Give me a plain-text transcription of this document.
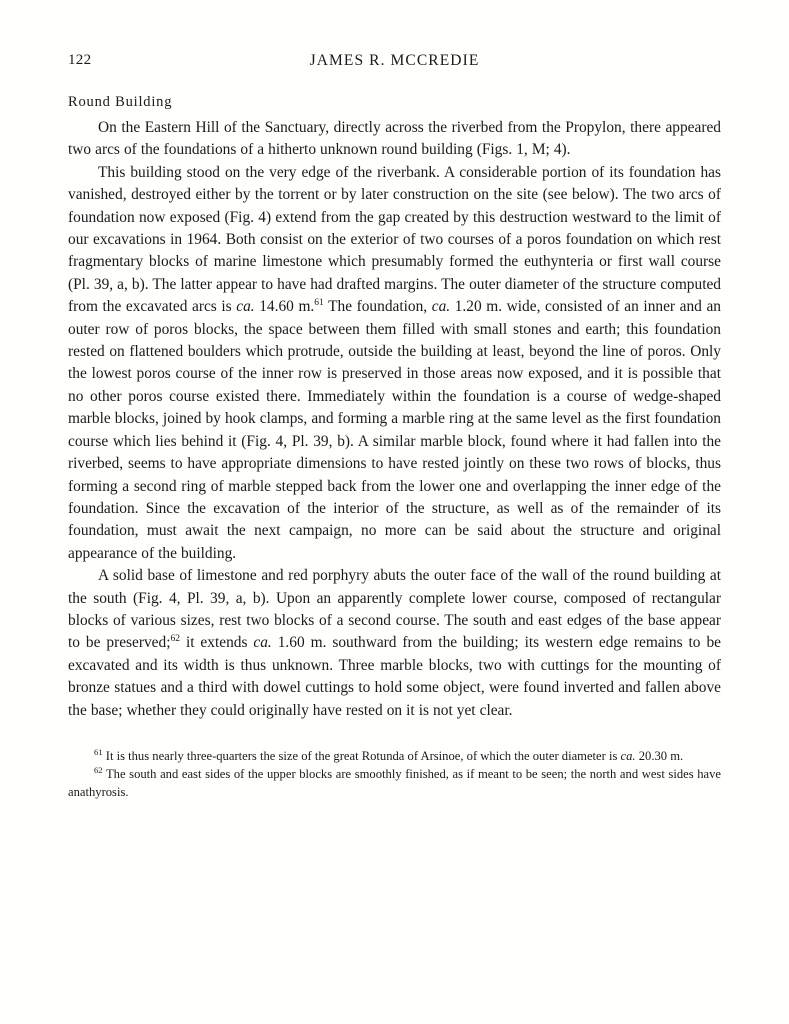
122	JAMES R. MCCREDIE
Round Building

On the Eastern Hill of the Sanctuary, directly across the riverbed from the Propylon, there appeared two arcs of the foundations of a hitherto unknown round building (Figs. 1, M; 4).

This building stood on the very edge of the riverbank. A considerable portion of its foundation has vanished, destroyed either by the torrent or by later construction on the site (see below). The two arcs of foundation now exposed (Fig. 4) extend from the gap created by this destruction westward to the limit of our excavations in 1964. Both consist on the exterior of two courses of a poros foundation on which rest fragmentary blocks of marine limestone which presumably formed the euthynteria or first wall course (Pl. 39, a, b). The latter appear to have had drafted margins. The outer diameter of the structure computed from the excavated arcs is ca. 14.60 m.$^{61}$ The foundation, ca. 1.20 m. wide, consisted of an inner and an outer row of poros blocks, the space between them filled with small stones and earth; this foundation rested on flattened boulders which protrude, outside the building at least, beyond the line of poros. Only the lowest poros course of the inner row is preserved in those areas now exposed, and it is possible that no other poros course existed there. Immediately within the foundation is a course of wedge-shaped marble blocks, joined by hook clamps, and forming a marble ring at the same level as the first foundation course which lies behind it (Fig. 4, Pl. 39, b). A similar marble block, found where it had fallen into the riverbed, seems to have appropriate dimensions to have rested jointly on these two rows of blocks, thus forming a second ring of marble stepped back from the lower one and overlapping the inner edge of the foundation. Since the excavation of the interior of the structure, as well as of the remainder of its foundation, must await the next campaign, no more can be said about the structure and original appearance of the building.

A solid base of limestone and red porphyry abuts the outer face of the wall of the round building at the south (Fig. 4, Pl. 39, a, b). Upon an apparently complete lower course, composed of rectangular blocks of various sizes, rest two blocks of a second course. The south and east edges of the base appear to be preserved;$^{62}$ it extends ca. 1.60 m. southward from the building; its western edge remains to be excavated and its width is thus unknown. Three marble blocks, two with cuttings for the mounting of bronze statues and a third with dowel cuttings to hold some object, were found inverted and fallen above the base; whether they could originally have rested on it is not yet clear.

$^{61}$ It is thus nearly three-quarters the size of the great Rotunda of Arsinoe, of which the outer diameter is ca. 20.30 m.

$^{62}$ The south and east sides of the upper blocks are smoothly finished, as if meant to be seen; the north and west sides have anathyrosis.
